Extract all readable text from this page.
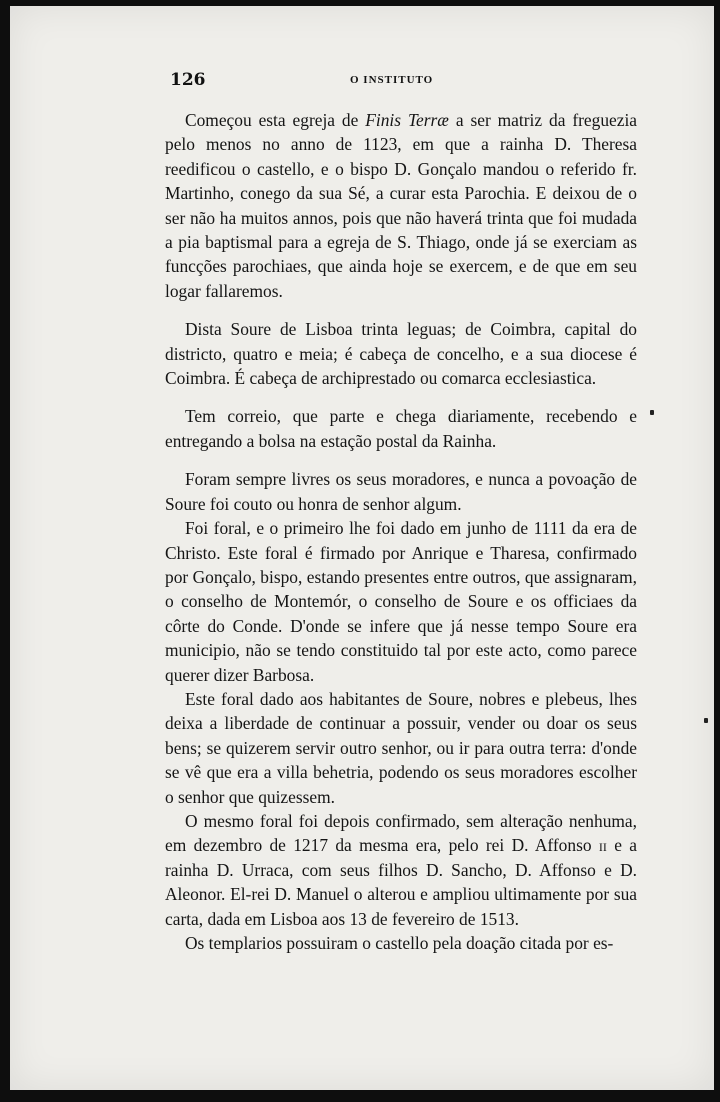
126	O INSTITUTO

Começou esta egreja de Finis Terræ a ser matriz da freguezia pelo menos no anno de 1123, em que a rainha D. Theresa reedificou o castello, e o bispo D. Gonçalo mandou o referido fr. Martinho, conego da sua Sé, a curar esta Parochia. E deixou de o ser não ha muitos annos, pois que não haverá trinta que foi mudada a pia baptismal para a egreja de S. Thiago, onde já se exerciam as funcções parochiaes, que ainda hoje se exercem, e de que em seu logar fallaremos.

Dista Soure de Lisboa trinta leguas; de Coimbra, capital do districto, quatro e meia; é cabeça de concelho, e a sua diocese é Coimbra. É cabeça de archiprestado ou comarca ecclesiastica.

Tem correio, que parte e chega diariamente, recebendo e entregando a bolsa na estação postal da Rainha.

Foram sempre livres os seus moradores, e nunca a povoação de Soure foi couto ou honra de senhor algum.

Foi foral, e o primeiro lhe foi dado em junho de 1111 da era de Christo. Este foral é firmado por Anrique e Tharesa, confirmado por Gonçalo, bispo, estando presentes entre outros, que assignaram, o conselho de Montemór, o conselho de Soure e os officiaes da côrte do Conde. D'onde se infere que já nesse tempo Soure era municipio, não se tendo constituido tal por este acto, como parece querer dizer Barbosa.

Este foral dado aos habitantes de Soure, nobres e plebeus, lhes deixa a liberdade de continuar a possuir, vender ou doar os seus bens; se quizerem servir outro senhor, ou ir para outra terra: d'onde se vê que era a villa behetria, podendo os seus moradores escolher o senhor que quizessem.

O mesmo foral foi depois confirmado, sem alteração nenhuma, em dezembro de 1217 da mesma era, pelo rei D. Affonso ii e a rainha D. Urraca, com seus filhos D. Sancho, D. Affonso e D. Aleonor. El-rei D. Manuel o alterou e ampliou ultimamente por sua carta, dada em Lisboa aos 13 de fevereiro de 1513.

Os templarios possuiram o castello pela doação citada por es-
